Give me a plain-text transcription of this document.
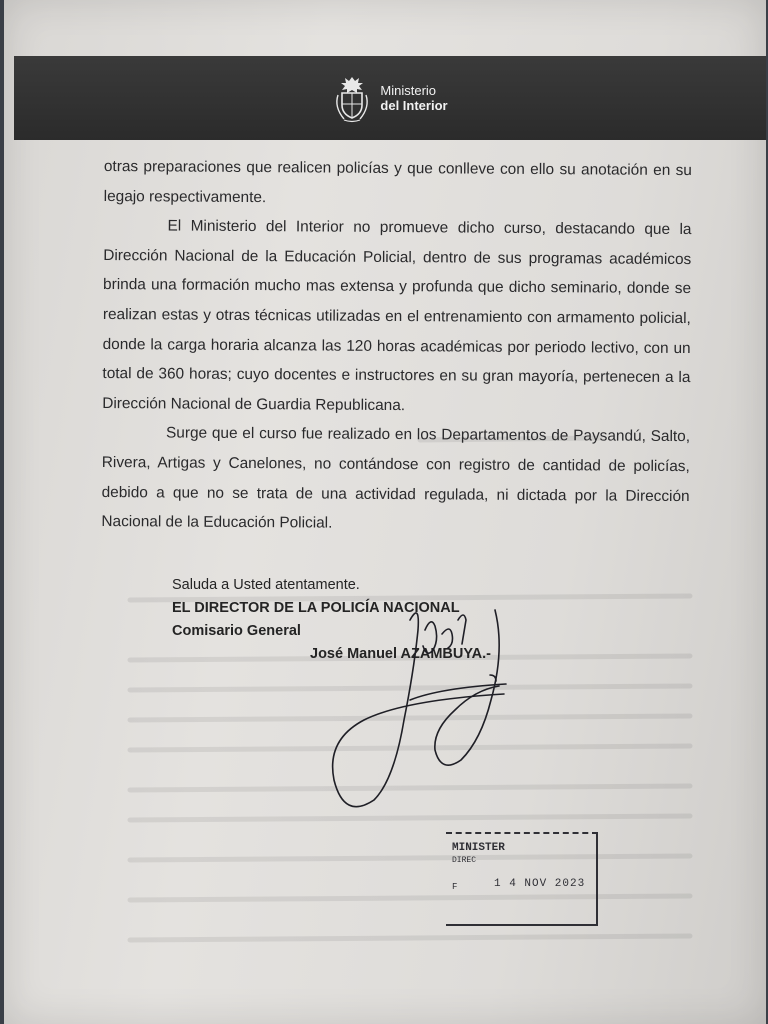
Ministerio
del Interior

otras preparaciones que realicen policías y que conlleve con ello su anotación en su legajo respectivamente.

El Ministerio del Interior no promueve dicho curso, destacando que la Dirección Nacional de la Educación Policial, dentro de sus programas académicos brinda una formación mucho mas extensa y profunda que dicho seminario, donde se realizan estas y otras técnicas utilizadas en el entrenamiento con armamento policial, donde la carga horaria alcanza las 120 horas académicas por periodo lectivo, con un total de 360 horas; cuyo docentes e instructores en su gran mayoría, pertenecen a la Dirección Nacional de Guardia Republicana.

Surge que el curso fue realizado en los Departamentos de Paysandú, Salto, Rivera, Artigas y Canelones, no contándose con registro de cantidad de policías, debido a que no se trata de una actividad regulada, ni dictada por la Dirección Nacional de la Educación Policial.

Saluda a Usted atentamente.
EL DIRECTOR DE LA POLICÍA NACIONAL
Comisario General
José Manuel AZAMBUYA.-
MINISTER
DIREC
F	1 4 NOV 2023
